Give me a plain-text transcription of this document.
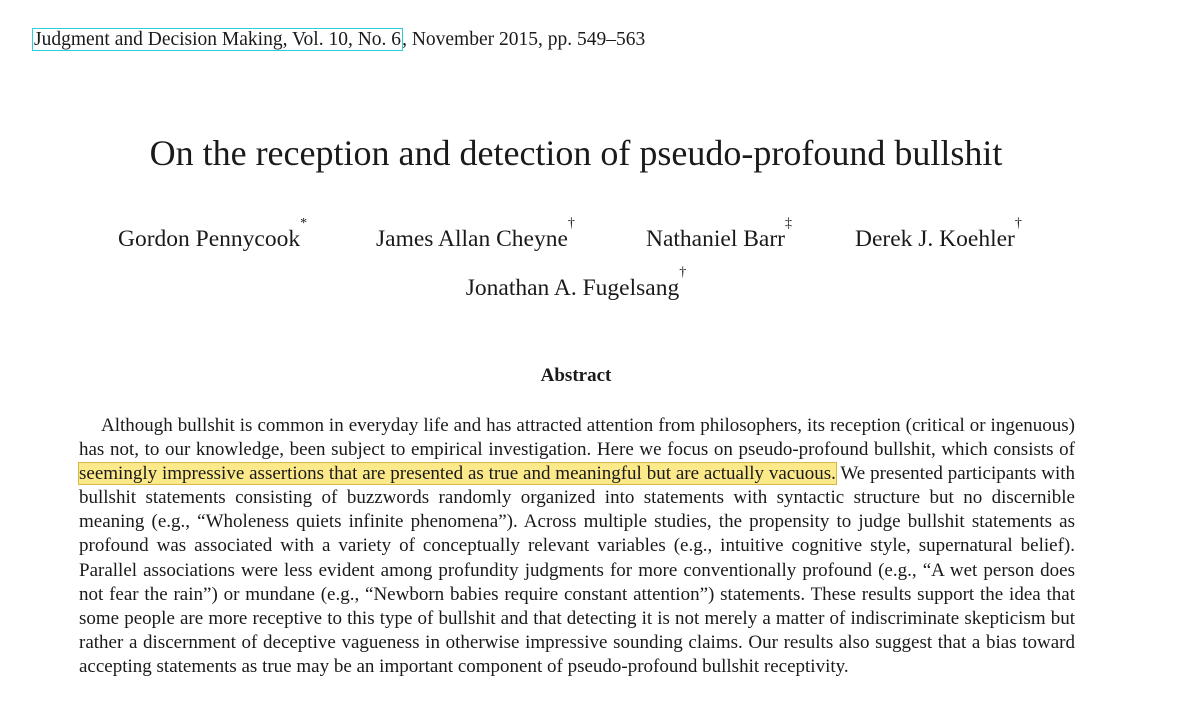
Judgment and Decision Making, Vol. 10, No. 6, November 2015, pp. 549–563
On the reception and detection of pseudo-profound bullshit
Gordon Pennycook*
James Allan Cheyne†
Nathaniel Barr‡
Derek J. Koehler†
Jonathan A. Fugelsang†
Abstract
Although bullshit is common in everyday life and has attracted attention from philosophers, its reception (critical or ingenuous) has not, to our knowledge, been subject to empirical investigation. Here we focus on pseudo-profound bullshit, which consists of seemingly impressive assertions that are presented as true and meaningful but are actually vacuous. We presented participants with bullshit statements consisting of buzzwords randomly organized into statements with syntactic structure but no discernible meaning (e.g., “Wholeness quiets infinite phenomena”). Across multiple studies, the propensity to judge bullshit statements as profound was associated with a variety of conceptually relevant variables (e.g., intuitive cognitive style, supernatural belief). Parallel associations were less evident among profundity judgments for more conventionally profound (e.g., “A wet person does not fear the rain”) or mundane (e.g., “Newborn babies require constant attention”) statements. These results support the idea that some people are more receptive to this type of bullshit and that detecting it is not merely a matter of indiscriminate skepticism but rather a discernment of deceptive vagueness in otherwise impressive sounding claims. Our results also suggest that a bias toward accepting statements as true may be an important component of pseudo-profound bullshit receptivity.
